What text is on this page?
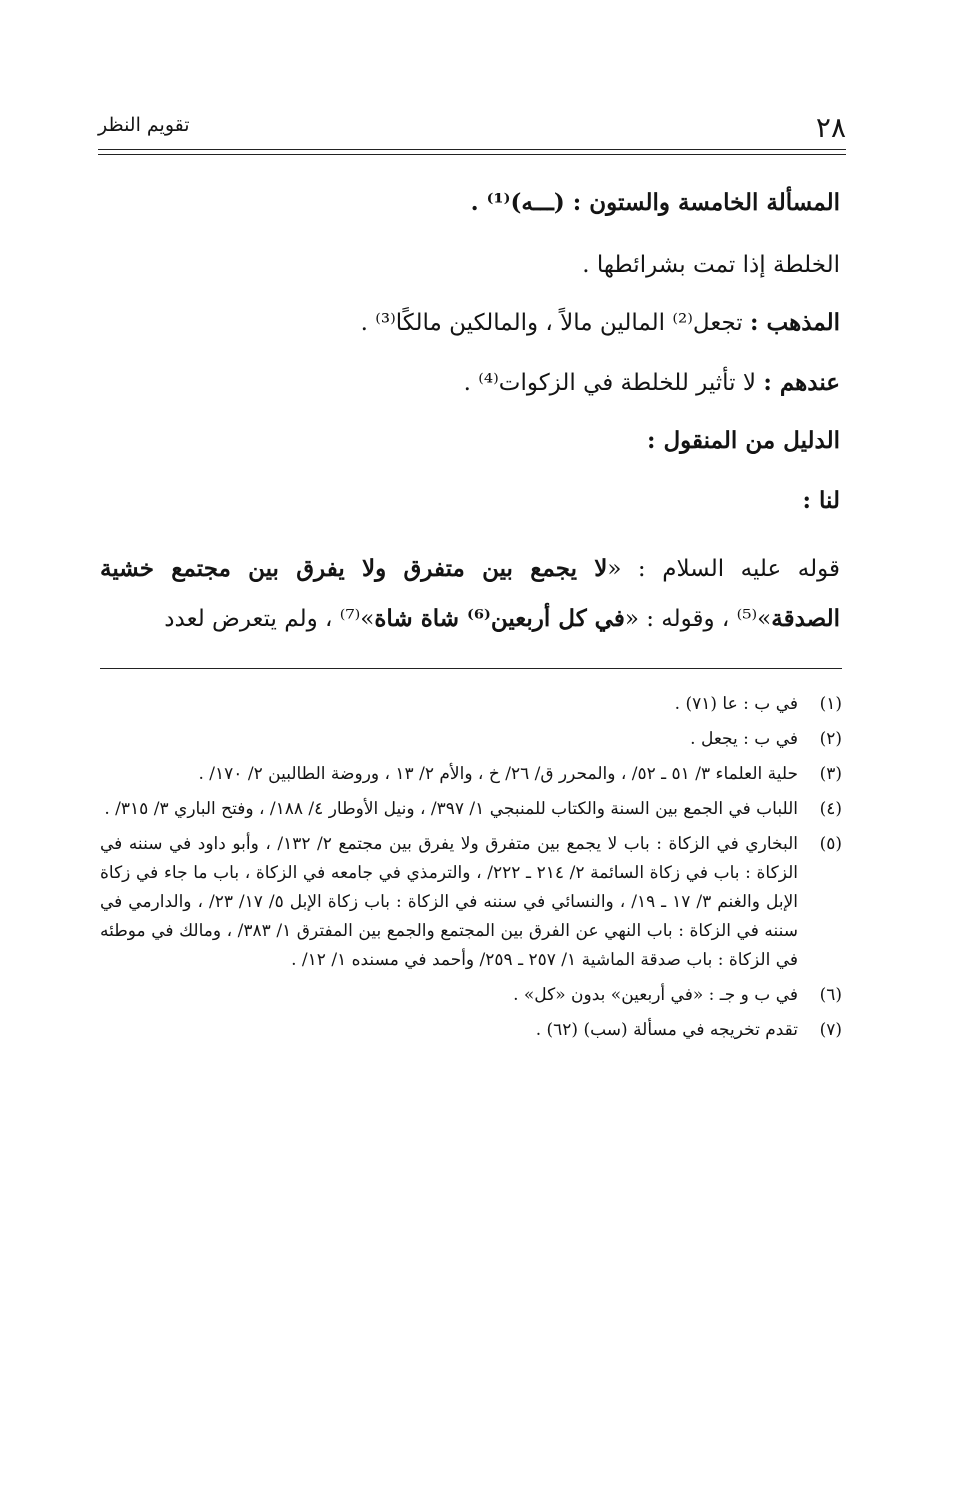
٢٨
تقويم النظر
المسألة الخامسة والستون : (ـــه)⁽¹⁾ .
الخلطة إذا تمت بشرائطها .
المذهب : تجعل⁽²⁾ المالين مالاً ، والمالكين مالكًا⁽³⁾ .
عندهم : لا تأثير للخلطة في الزكوات⁽⁴⁾ .
الدليل من المنقول :
لنا :
قوله عليه السلام : «لا يجمع بين متفرق ولا يفرق بين مجتمع خشية الصدقة»⁽⁵⁾ ، وقوله : «في كل أربعين⁽⁶⁾ شاة شاة»⁽⁷⁾ ، ولم يتعرض لعدد
(١)
في ب : عا (٧١) .
(٢)
في ب : يجعل .
(٣)
حلية العلماء ٣/ ٥١ ـ ٥٢/ ، والمحرر ق/ ٢٦/ خ ، والأم ٢/ ١٣ ، وروضة الطالبين ٢/ ١٧٠/ .
(٤)
اللباب في الجمع بين السنة والكتاب للمنبجي ١/ ٣٩٧/ ، ونيل الأوطار ٤/ ١٨٨/ ، وفتح الباري ٣/ ٣١٥/ .
(٥)
البخاري في الزكاة : باب لا يجمع بين متفرق ولا يفرق بين مجتمع ٢/ ١٣٢/ ، وأبو داود في سننه في الزكاة : باب في زكاة السائمة ٢/ ٢١٤ ـ ٢٢٢/ ، والترمذي في جامعه في الزكاة ، باب ما جاء في زكاة الإبل والغنم ٣/ ١٧ ـ ١٩/ ، والنسائي في سننه في الزكاة : باب زكاة الإبل ٥/ ١٧/ ٢٣/ ، والدارمي في سننه في الزكاة : باب النهي عن الفرق بين المجتمع والجمع بين المفترق ١/ ٣٨٣/ ، ومالك في موطئه في الزكاة : باب صدقة الماشية ١/ ٢٥٧ ـ ٢٥٩/ وأحمد في مسنده ١/ ١٢/ .
(٦)
في ب و جـ : «في أربعين» بدون «كل» .
(٧)
تقدم تخريجه في مسألة (سب) (٦٢) .
